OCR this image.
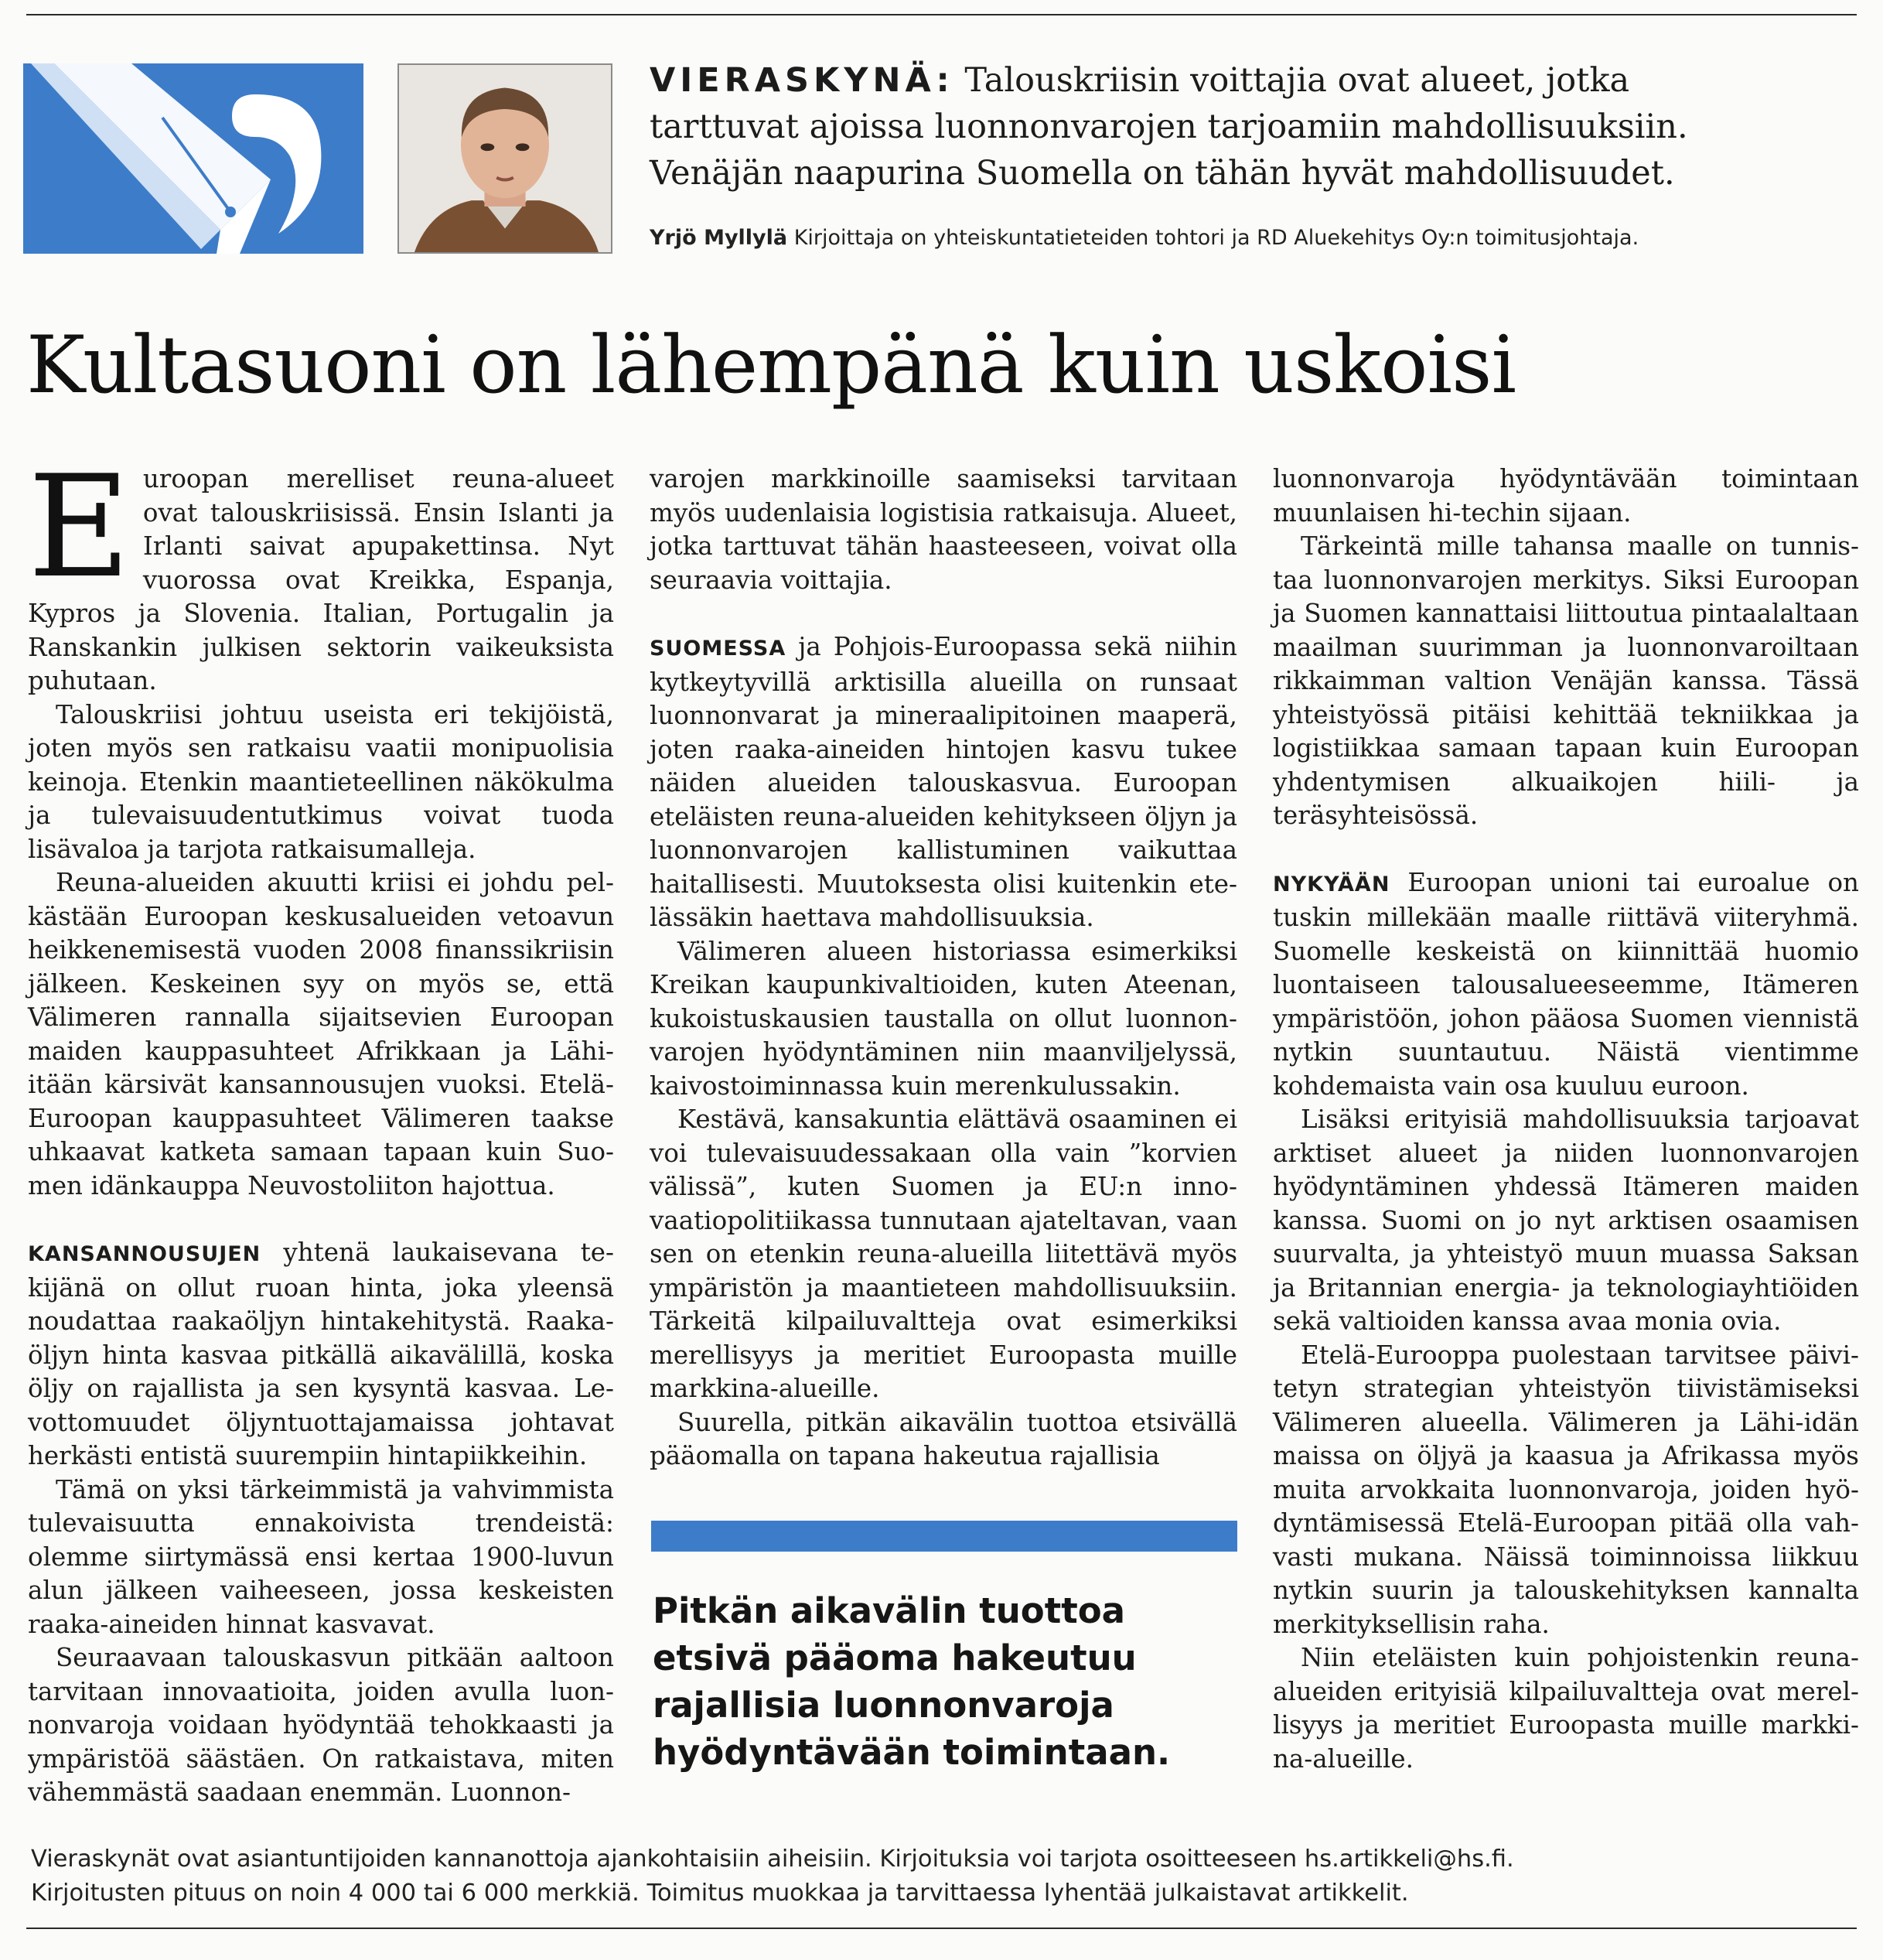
VIERASKYNÄ: Talouskriisin voittajia ovat alueet, jotka
tarttuvat ajoissa luonnonvarojen tarjoamiin mahdollisuuksiin.
Venäjän naapurina Suomella on tähän hyvät mahdollisuudet.
Yrjö Myllylä Kirjoittaja on yhteiskuntatieteiden tohtori ja RD Aluekehitys Oy:n toimitusjohtaja.
Kultasuoni on lähempänä kuin uskoisi

Euroopan merelliset reuna-alueet ovat talouskriisissä. Ensin Islanti ja Irlanti saivat apupakettinsa. Nyt vuorossa ovat Kreikka, Espanja, Kypros ja Slovenia. Italian, Portugalin ja Ranskankin julkisen sektorin vaikeuksista puhutaan.

Talouskriisi johtuu useista eri tekijöistä, joten myös sen ratkaisu vaatii monipuolisia keinoja. Etenkin maantieteellinen näkökulma ja tulevaisuudentutkimus voivat tuoda lisävaloa ja tarjota ratkaisumalleja.

Reuna-alueiden akuutti kriisi ei johdu pelkästään Euroopan keskusalueiden vetoavun heikkenemisestä vuoden 2008 finanssikriisin jälkeen. Keskeinen syy on myös se, että Välimeren rannalla sijaitsevien Euroopan maiden kauppasuhteet Afrikkaan ja Lähi-itään kärsivät kansannousujen vuoksi. Etelä-Euroopan kauppasuhteet Välimeren taakse uhkaavat katketa samaan tapaan kuin Suomen idänkauppa Neuvostoliiton hajottua.

KANSANNOUSUJEN yhtenä laukaisevana tekijänä on ollut ruoan hinta, joka yleensä noudattaa raakaöljyn hintakehitystä. Raakaöljyn hinta kasvaa pitkällä aikavälillä, koska öljy on rajallista ja sen kysyntä kasvaa. Levottomuudet öljyntuottajamaissa johtavat herkästi entistä suurempiin hintapiikkeihin.

Tämä on yksi tärkeimmistä ja vahvimmista tulevaisuutta ennakoivista trendeistä: olemme siirtymässä ensi kertaa 1900-luvun alun jälkeen vaiheeseen, jossa keskeisten raaka-aineiden hinnat kasvavat.

Seuraavaan talouskasvun pitkään aaltoon tarvitaan innovaatioita, joiden avulla luonnonvaroja voidaan hyödyntää tehokkaasti ja ympäristöä säästäen. On ratkaistava, miten vähemmästä saadaan enemmän. Luonnon-

varojen markkinoille saamiseksi tarvitaan myös uudenlaisia logistisia ratkaisuja. Alueet, jotka tarttuvat tähän haasteeseen, voivat olla seuraavia voittajia.

SUOMESSA ja Pohjois-Euroopassa sekä niihin kytkeytyvillä arktisilla alueilla on runsaat luonnonvarat ja mineraalipitoinen maaperä, joten raaka-aineiden hintojen kasvu tukee näiden alueiden talouskasvua. Euroopan eteläisten reuna-alueiden kehitykseen öljyn ja luonnonvarojen kallistuminen vaikuttaa haitallisesti. Muutoksesta olisi kuitenkin etelässäkin haettava mahdollisuuksia.

Välimeren alueen historiassa esimerkiksi Kreikan kaupunkivaltioiden, kuten Ateenan, kukoistuskausien taustalla on ollut luonnonvarojen hyödyntäminen niin maanviljelyssä, kaivostoiminnassa kuin merenkulussakin.

Kestävä, kansakuntia elättävä osaaminen ei voi tulevaisuudessakaan olla vain ”korvien välissä”, kuten Suomen ja EU:n innovaatiopolitiikassa tunnutaan ajateltavan, vaan sen on etenkin reuna-alueilla liitettävä myös ympäristön ja maantieteen mahdollisuuksiin. Tärkeitä kilpailuvaltteja ovat esimerkiksi merellisyys ja meritiet Euroopasta muille markkina-alueille.

Suurella, pitkän aikavälin tuottoa etsivällä pääomalla on tapana hakeutua rajallisia

Pitkän aikavälin tuottoa etsivä pääoma hakeutuu rajallisia luonnonvaroja hyödyntävään toimintaan.

luonnonvaroja hyödyntävään toimintaan muunlaisen hi-techin sijaan.

Tärkeintä mille tahansa maalle on tunnistaa luonnonvarojen merkitys. Siksi Euroopan ja Suomen kannattaisi liittoutua pintaalaltaan maailman suurimman ja luonnonvaroiltaan rikkaimman valtion Venäjän kanssa. Tässä yhteistyössä pitäisi kehittää tekniikkaa ja logistiikkaa samaan tapaan kuin Euroopan yhdentymisen alkuaikojen hiili- ja teräsyhteisössä.

NYKYÄÄN Euroopan unioni tai euroalue on tuskin millekään maalle riittävä viiteryhmä. Suomelle keskeistä on kiinnittää huomio luontaiseen talousalueeseemme, Itämeren ympäristöön, johon pääosa Suomen viennistä nytkin suuntautuu. Näistä vientimme kohdemaista vain osa kuuluu euroon.

Lisäksi erityisiä mahdollisuuksia tarjoavat arktiset alueet ja niiden luonnonvarojen hyödyntäminen yhdessä Itämeren maiden kanssa. Suomi on jo nyt arktisen osaamisen suurvalta, ja yhteistyö muun muassa Saksan ja Britannian energia- ja teknologiayhtiöiden sekä valtioiden kanssa avaa monia ovia.

Etelä-Eurooppa puolestaan tarvitsee päivitetyn strategian yhteistyön tiivistämiseksi Välimeren alueella. Välimeren ja Lähi-idän maissa on öljyä ja kaasua ja Afrikassa myös muita arvokkaita luonnonvaroja, joiden hyödyntämisessä Etelä-Euroopan pitää olla vahvasti mukana. Näissä toiminnoissa liikkuu nytkin suurin ja talouskehityksen kannalta merkityksellisin raha.

Niin eteläisten kuin pohjoistenkin reunaalueiden erityisiä kilpailuvaltteja ovat merellisyys ja meritiet Euroopasta muille markkina-alueille.

Vieraskynät ovat asiantuntijoiden kannanottoja ajankohtaisiin aiheisiin. Kirjoituksia voi tarjota osoitteeseen hs.artikkeli@hs.fi.

Kirjoitusten pituus on noin 4 000 tai 6 000 merkkiä. Toimitus muokkaa ja tarvittaessa lyhentää julkaistavat artikkelit.
